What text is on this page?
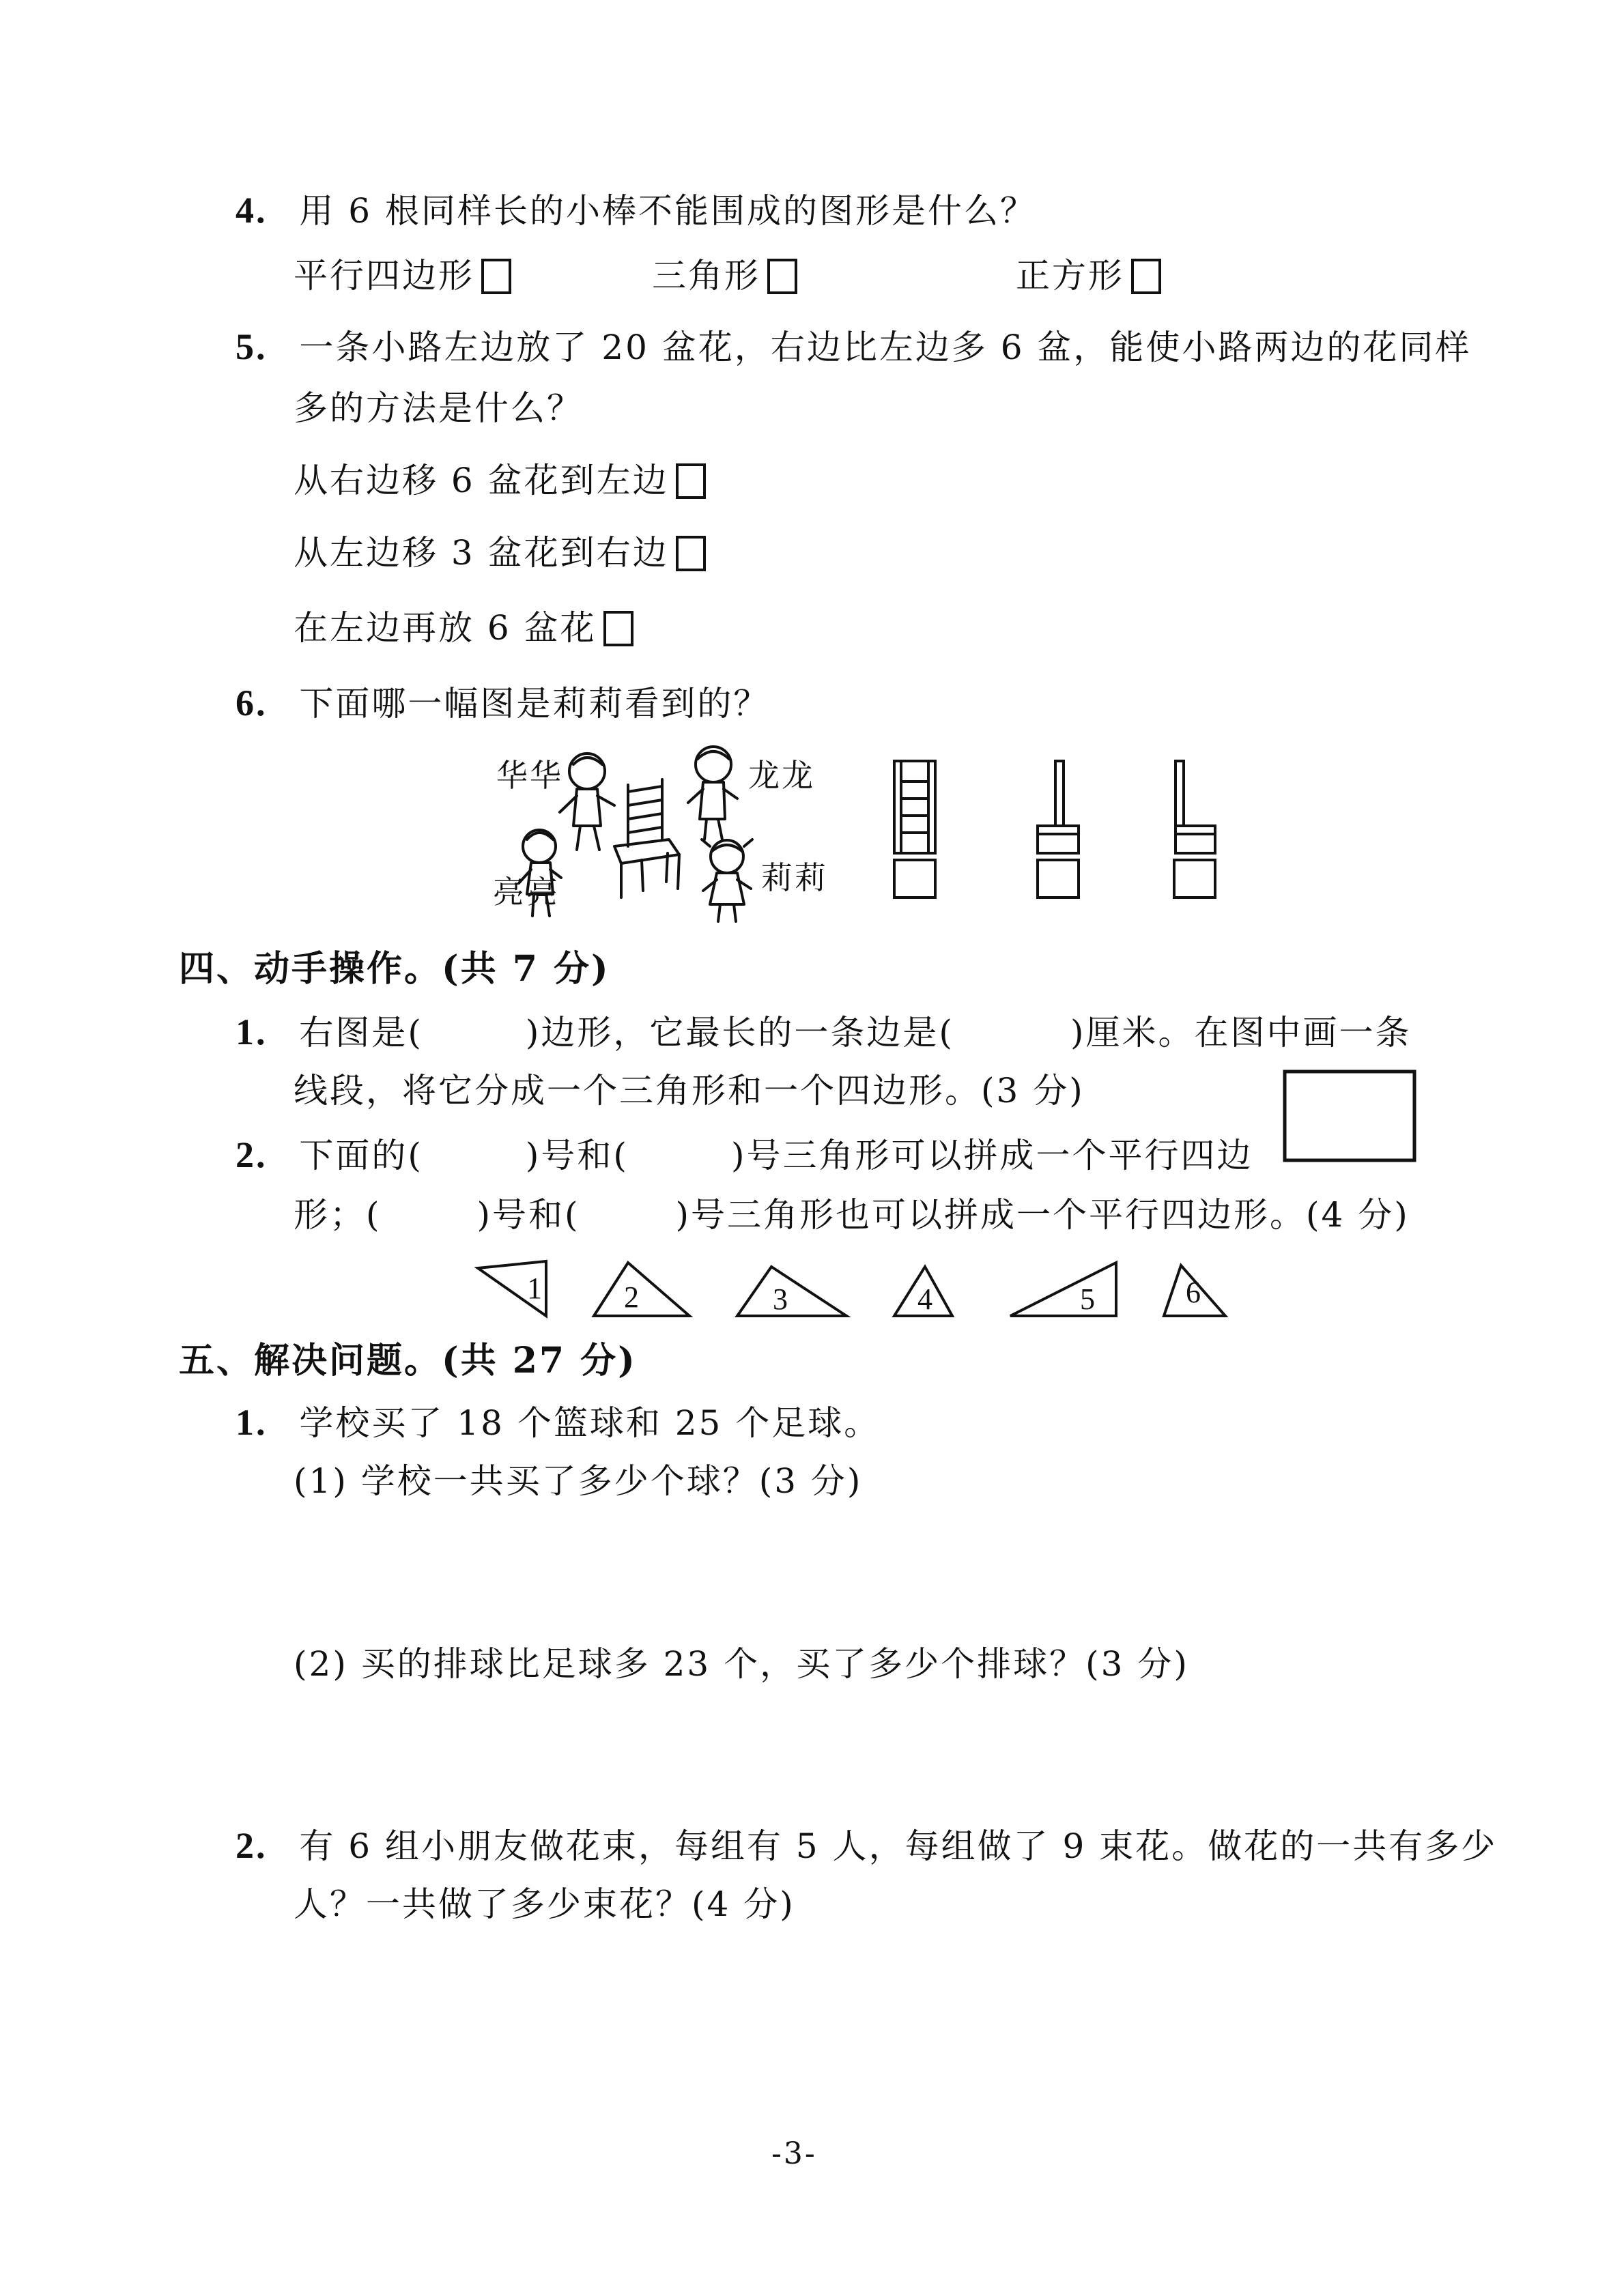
4. 用 6 根同样长的小棒不能围成的图形是什么？
平行四边形	三角形	正方形
5. 一条小路左边放了 20 盆花，右边比左边多 6 盆，能使小路两边的花同样
多的方法是什么？
从右边移 6 盆花到左边
从左边移 3 盆花到右边
在左边再放 6 盆花
6. 下面哪一幅图是莉莉看到的？
华华	龙龙
亮亮	莉莉
四、动手操作。(共 7 分)
1. 右图是(	)边形，它最长的一条边是(	)厘米。在图中画一条
线段，将它分成一个三角形和一个四边形。(3 分)
2. 下面的(	)号和(	)号三角形可以拼成一个平行四边
形；(	)号和(	)号三角形也可以拼成一个平行四边形。(4 分)
1	2	3	4	5	6
五、解决问题。(共 27 分)
1. 学校买了 18 个篮球和 25 个足球。
(1) 学校一共买了多少个球？(3 分)
(2) 买的排球比足球多 23 个，买了多少个排球？(3 分)
2. 有 6 组小朋友做花束，每组有 5 人，每组做了 9 束花。做花的一共有多少
人？一共做了多少束花？(4 分)
-3-
